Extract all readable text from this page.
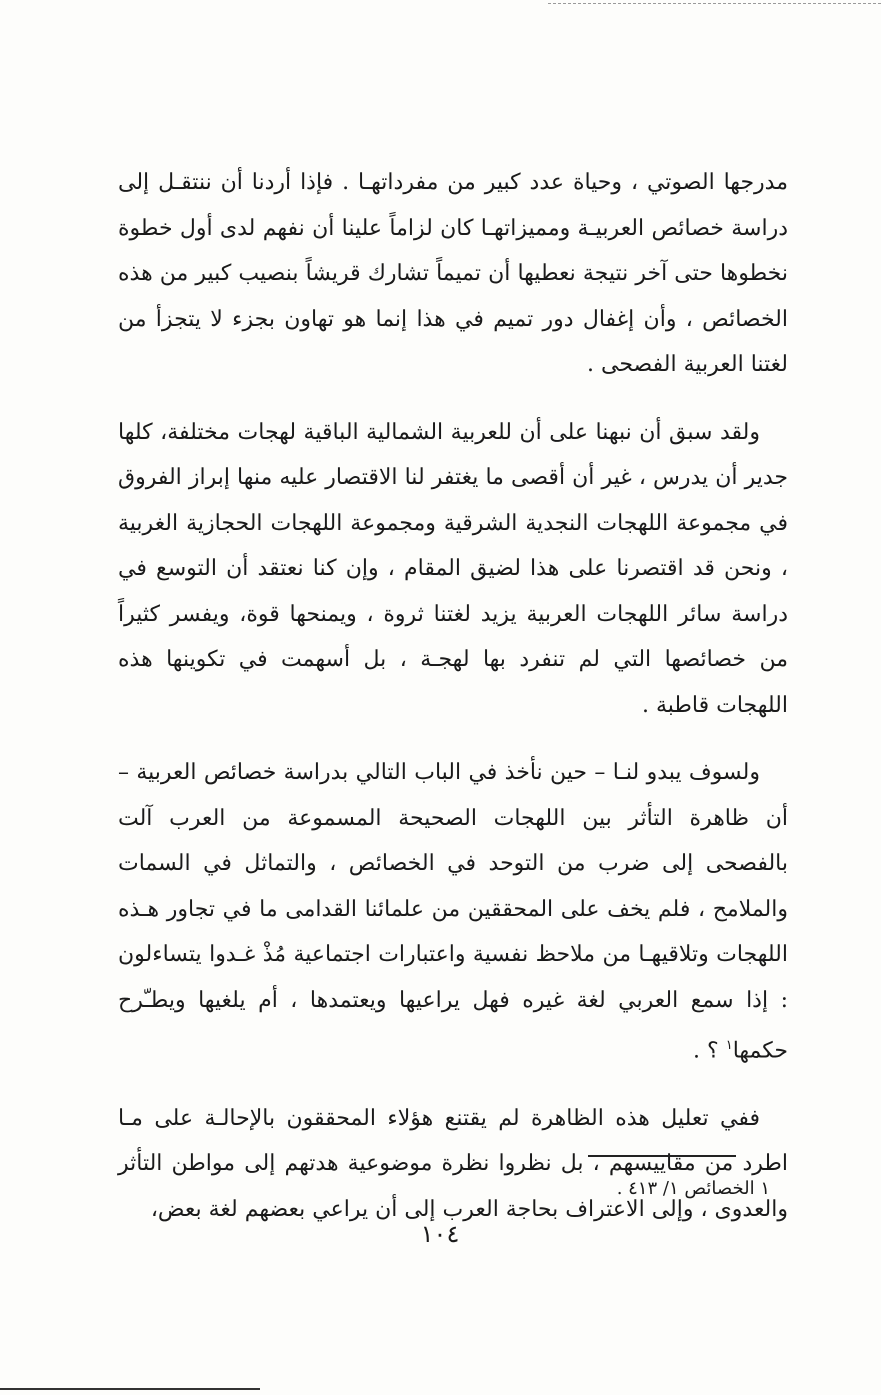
مدرجها الصوتي ، وحياة عدد كبير من مفرداتهـا . فإذا أردنا أن ننتقـل إلى دراسة خصائص العربيـة ومميزاتهـا كان لزاماً علينا أن نفهم لدى أول خطوة نخطوها حتى آخر نتيجة نعطيها أن تميماً تشارك قريشاً بنصيب كبير من هذه الخصائص ، وأن إغفال دور تميم في هذا إنما هو تهاون بجزء لا يتجزأ من لغتنا العربية الفصحى .

ولقد سبق أن نبهنا على أن للعربية الشمالية الباقية لهجات مختلفة، كلها جدير أن يدرس ، غير أن أقصى ما يغتفر لنا الاقتصار عليه منها إبراز الفروق في مجموعة اللهجات النجدية الشرقية ومجموعة اللهجات الحجازية الغربية ، ونحن قد اقتصرنا على هذا لضيق المقام ، وإن كنا نعتقد أن التوسع في دراسة سائر اللهجات العربية يزيد لغتنا ثروة ، ويمنحها قوة، ويفسر كثيراً من خصائصها التي لم تنفرد بها لهجـة ، بل أسهمت في تكوينها هذه اللهجات قاطبة .

ولسوف يبدو لنـا – حين نأخذ في الباب التالي بدراسة خصائص العربية – أن ظاهرة التأثر بين اللهجات الصحيحة المسموعة من العرب آلت بالفصحى إلى ضرب من التوحد في الخصائص ، والتماثل في السمات والملامح ، فلم يخف على المحققين من علمائنا القدامى ما في تجاور هـذه اللهجات وتلاقيهـا من ملاحظ نفسية واعتبارات اجتماعية مُذْ غـدوا يتساءلون : إذا سمع العربي لغة غيره فهل يراعيها ويعتمدها ، أم يلغيها ويطـّرح حكمها$^١$ ؟ .

ففي تعليل هذه الظاهرة لم يقتنع هؤلاء المحققون بالإحالـة على مـا اطرد من مقاييسهم ، بل نظروا نظرة موضوعية هدتهم إلى مواطن التأثر والعدوى ، وإلى الاعتراف بحاجة العرب إلى أن يراعي بعضهم لغة بعض،

١ الخصائص ١/ ٤١٣ .
١٠٤
